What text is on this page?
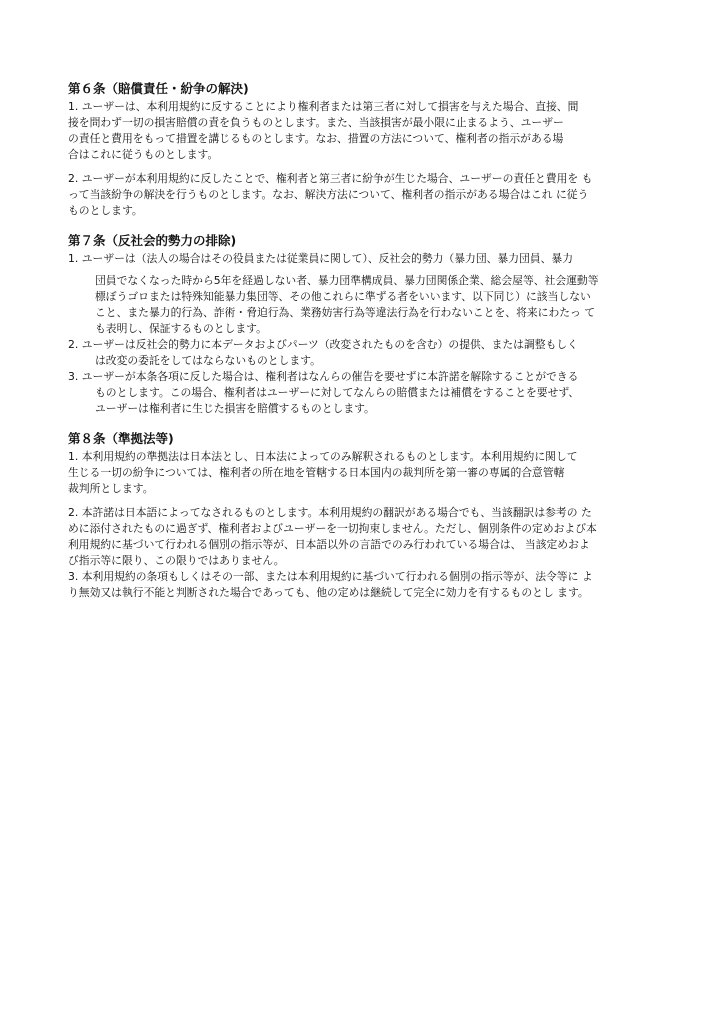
第６条（賠償責任・紛争の解決)
1. ユーザーは、本利用規約に反することにより権利者または第三者に対して損害を与えた場合、直接、間
接を問わず一切の損害賠償の責を負うものとします。また、当該損害が最小限に止まるよう、ユーザー
の責任と費用をもって措置を講じるものとします。なお、措置の方法について、権利者の指示がある場
合はこれに従うものとします。
2. ユーザーが本利用規約に反したことで、権利者と第三者に紛争が生じた場合、ユーザーの責任と費用を も
って当該紛争の解決を行うものとします。なお、解決方法について、権利者の指示がある場合はこれ に従う
ものとします。
第７条（反社会的勢力の排除)
1. ユーザーは（法人の場合はその役員または従業員に関して）、反社会的勢力（暴力団、暴力団員、暴力
団員でなくなった時から5年を経過しない者、暴力団準構成員、暴力団関係企業、総会屋等、社会運動等
標ぼうゴロまたは特殊知能暴力集団等、その他これらに準ずる者をいいます、以下同じ）に該当しない
こと、また暴力的行為、詐術・脅迫行為、業務妨害行為等違法行為を行わないことを、将来にわたっ て
も表明し、保証するものとします。
2. ユーザーは反社会的勢力に本データおよびパーツ（改変されたものを含む）の提供、または調整もしく
は改変の委託をしてはならないものとします。
3. ユーザーが本条各項に反した場合は、権利者はなんらの催告を要せずに本許諾を解除することができる
ものとします。この場合、権利者はユーザーに対してなんらの賠償または補償をすることを要せず、
ユーザーは権利者に生じた損害を賠償するものとします。
第８条（準拠法等)
1. 本利用規約の準拠法は日本法とし、日本法によってのみ解釈されるものとします。本利用規約に関して
生じる一切の紛争については、権利者の所在地を管轄する日本国内の裁判所を第一審の専属的合意管轄
裁判所とします。
2. 本許諾は日本語によってなされるものとします。本利用規約の翻訳がある場合でも、当該翻訳は参考の た
めに添付されたものに過ぎず、権利者およびユーザーを一切拘束しません。ただし、個別条件の定めおよび本
利用規約に基づいて行われる個別の指示等が、日本語以外の言語でのみ行われている場合は、 当該定めおよ
び指示等に限り、この限りではありません。
3. 本利用規約の条項もしくはその一部、または本利用規約に基づいて行われる個別の指示等が、法令等に よ
り無効又は執行不能と判断された場合であっても、他の定めは継続して完全に効力を有するものとし ます。
